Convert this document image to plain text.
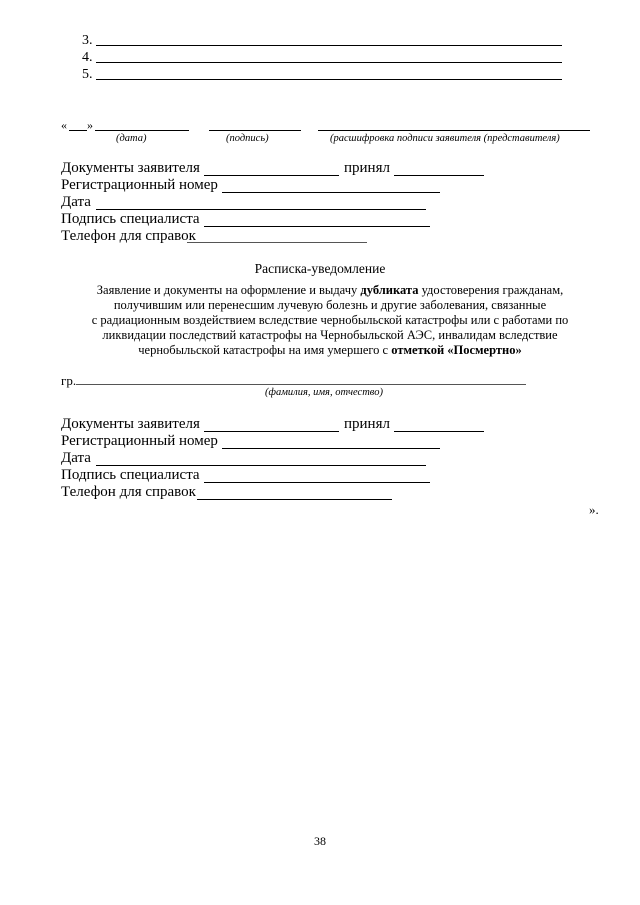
3.
4.
5.
« »
(дата)	(подпись)	(расшифровка подписи заявителя (представителя)
Документы заявителя	принял
Регистрационный номер
Дата
Подпись специалиста
Телефон для справок
Расписка-уведомление
Заявление и документы на оформление и выдачу дубликата удостоверения гражданам,
получившим или перенесшим лучевую болезнь и другие заболевания, связанные
с радиационным воздействием вследствие чернобыльской катастрофы или с работами по
ликвидации последствий катастрофы на Чернобыльской АЭС, инвалидам вследствие
чернобыльской катастрофы на имя умершего с отметкой «Посмертно»
гр.
(фамилия, имя, отчество)
Документы заявителя	принял
Регистрационный номер
Дата
Подпись специалиста
Телефон для справок
».
38
